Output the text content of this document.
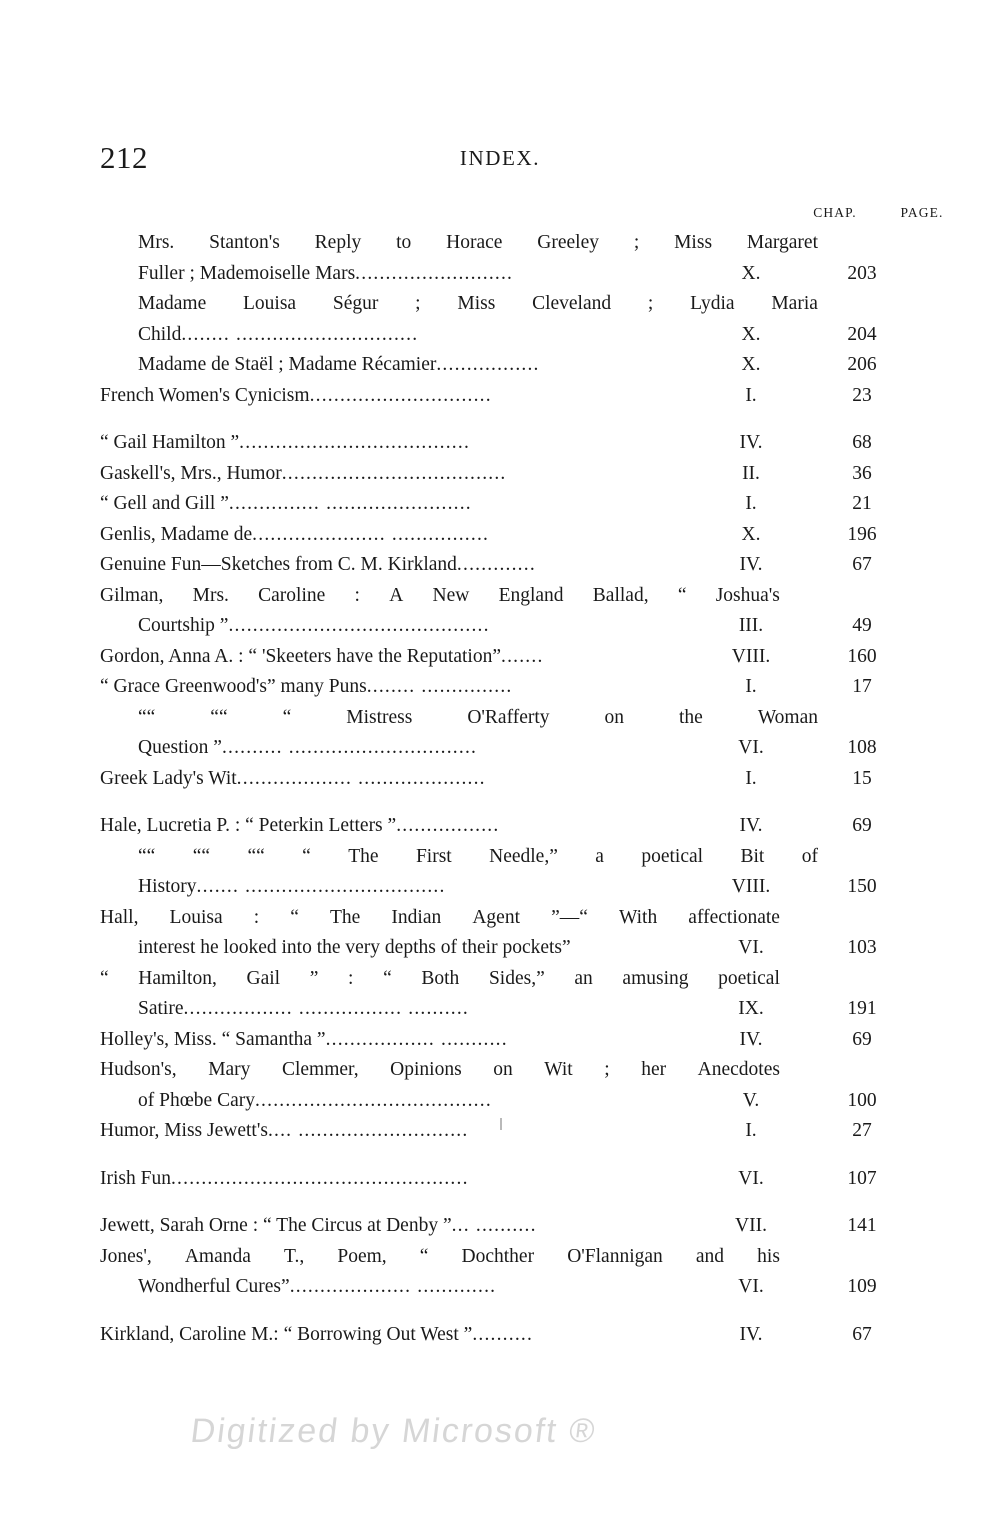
212	INDEX.
CHAP.	PAGE.
Mrs. Stanton's Reply to Horace Greeley ; Miss Margaret
Fuller ; Mademoiselle Mars..........................	X.	203
Madame Louisa Ségur ; Miss Cleveland ; Lydia Maria
Child........ ..............................	X.	204
Madame de Staël ; Madame Récamier.................	X.	206
French Women's Cynicism..............................	I.	23
“ Gail Hamilton ”......................................	IV.	68
Gaskell's, Mrs., Humor.....................................	II.	36
“ Gell and Gill ”............... ........................	I.	21
Genlis, Madame de...................... ................	X.	196
Genuine Fun—Sketches from C. M. Kirkland.............	IV.	67
Gilman, Mrs. Caroline : A New England Ballad, “ Joshua's
Courtship ”...........................................	III.	49
Gordon, Anna A. : “ 'Skeeters have the Reputation”.......	VIII.	160
“ Grace Greenwood's” many Puns........ ...............	I.	17
““	““	“	Mistress	O'Rafferty	on	the	Woman
Question ”.......... ...............................	VI.	108
Greek Lady's Wit................... .....................	I.	15
Hale, Lucretia P. : “ Peterkin Letters ”.................	IV.	69
““ ““ ““ “ The First Needle,” a poetical Bit of
History....... .................................	VIII.	150
Hall, Louisa : “ The Indian Agent ”—“ With affectionate
interest he looked into the very depths of their pockets”	VI.	103
“ Hamilton, Gail ” : “ Both Sides,” an amusing poetical
Satire.................. ................. ..........	IX.	191
Holley's, Miss. “ Samantha ”.................. ...........	IV.	69
Hudson's, Mary Clemmer, Opinions on Wit ; her Anecdotes
of Phœbe Cary.......................................	V.	100
Humor, Miss Jewett's.... ............................	I.	27
Irish Fun.................................................	VI.	107
Jewett, Sarah Orne : “ The Circus at Denby ”... ..........	VII.	141
Jones', Amanda T., Poem, “ Dochther O'Flannigan and his
Wondherful Cures”.................... .............	VI.	109
Kirkland, Caroline M.: “ Borrowing Out West ”..........	IV.	67
Digitized by Microsoft ®
